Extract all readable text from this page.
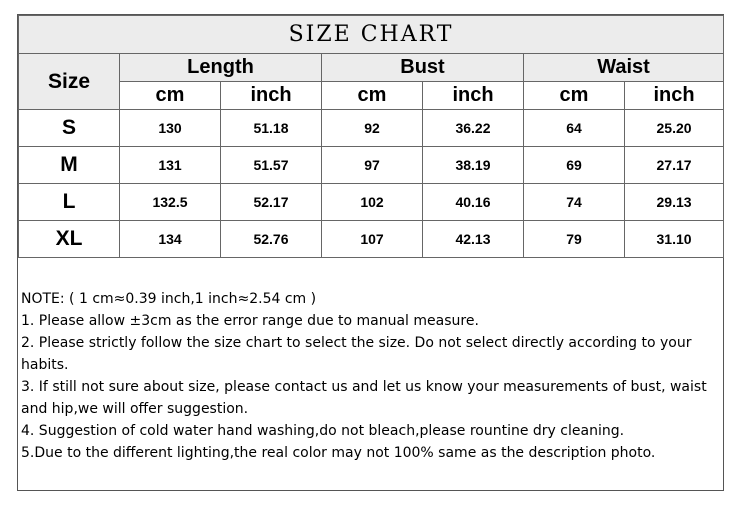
SIZE CHART						
Size	Length		Bust		Waist	
	cm	inch	cm	inch	cm	inch
S	130	51.18	92	36.22	64	25.20
M	131	51.57	97	38.19	69	27.17
L	132.5	52.17	102	40.16	74	29.13
XL	134	52.76	107	42.13	79	31.10

NOTE: ( 1 cm≈0.39 inch,1 inch≈2.54 cm )

1. Please allow ±3cm as the error range due to manual measure.

2. Please strictly follow the size chart to select the size. Do not select directly according to your habits.

3. If still not sure about size, please contact us and let us know your measurements of bust, waist and hip,we will offer suggestion.

4. Suggestion of cold water hand washing,do not bleach,please rountine dry cleaning.

5.Due to the different lighting,the real color may not 100% same as the description photo.
